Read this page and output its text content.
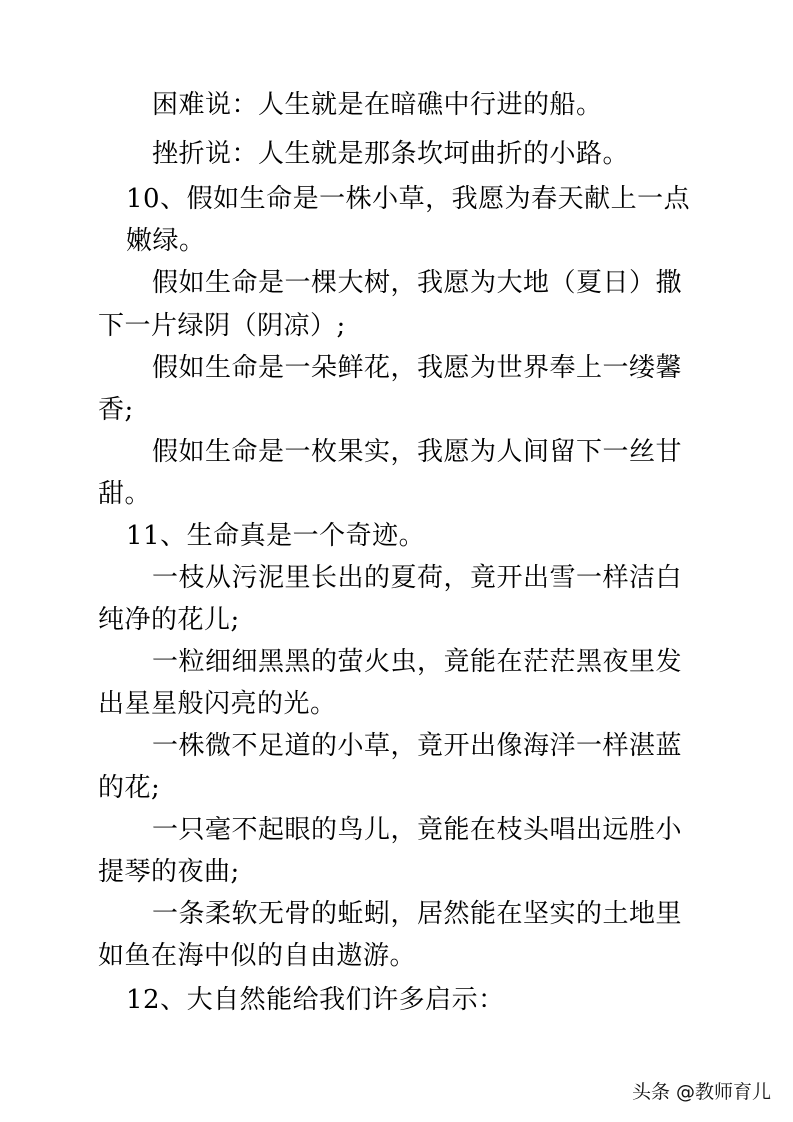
困难说：人生就是在暗礁中行进的船。
挫折说：人生就是那条坎坷曲折的小路。
10、假如生命是一株小草，我愿为春天献上一点
嫩绿。
假如生命是一棵大树，我愿为大地（夏日）撒
下一片绿阴（阴凉）;
假如生命是一朵鲜花，我愿为世界奉上一缕馨
香;
假如生命是一枚果实，我愿为人间留下一丝甘
甜。
11、生命真是一个奇迹。
一枝从污泥里长出的夏荷，竟开出雪一样洁白
纯净的花儿;
一粒细细黑黑的萤火虫，竟能在茫茫黑夜里发
出星星般闪亮的光。
一株微不足道的小草，竟开出像海洋一样湛蓝
的花;
一只毫不起眼的鸟儿，竟能在枝头唱出远胜小
提琴的夜曲;
一条柔软无骨的蚯蚓，居然能在坚实的土地里
如鱼在海中似的自由遨游。
12、大自然能给我们许多启示：
头条 @教师育儿
